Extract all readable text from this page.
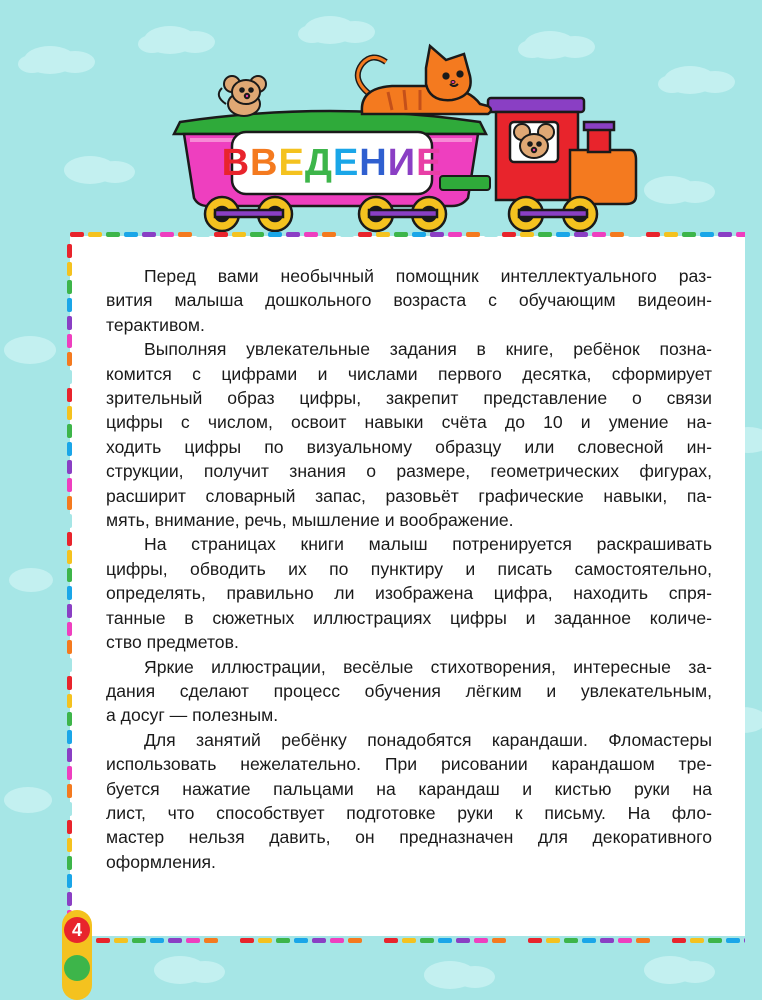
В В Е Д Е Н И Е

Перед вами необычный помощник интеллектуального раз-
вития малыша дошкольного возраста с обучающим видеоин-
терактивом.

Выполняя увлекательные задания в книге, ребёнок позна-
комится с цифрами и числами первого десятка, сформирует
зрительный образ цифры, закрепит представление о связи
цифры с числом, освоит навыки счёта до 10 и умение на-
ходить цифры по визуальному образцу или словесной ин-
струкции, получит знания о размере, геометрических фигурах,
расширит словарный запас, разовьёт графические навыки, па-
мять, внимание, речь, мышление и воображение.

На страницах книги малыш потренируется раскрашивать
цифры, обводить их по пунктиру и писать самостоятельно,
определять, правильно ли изображена цифра, находить спря-
танные в сюжетных иллюстрациях цифры и заданное количе-
ство предметов.

Яркие иллюстрации, весёлые стихотворения, интересные за-
дания сделают процесс обучения лёгким и увлекательным,
а досуг — полезным.

Для занятий ребёнку понадобятся карандаши. Фломастеры
использовать нежелательно. При рисовании карандашом тре-
буется нажатие пальцами на карандаш и кистью руки на
лист, что способствует подготовке руки к письму. На фло-
мастер нельзя давить, он предназначен для декоративного
оформления.

4
